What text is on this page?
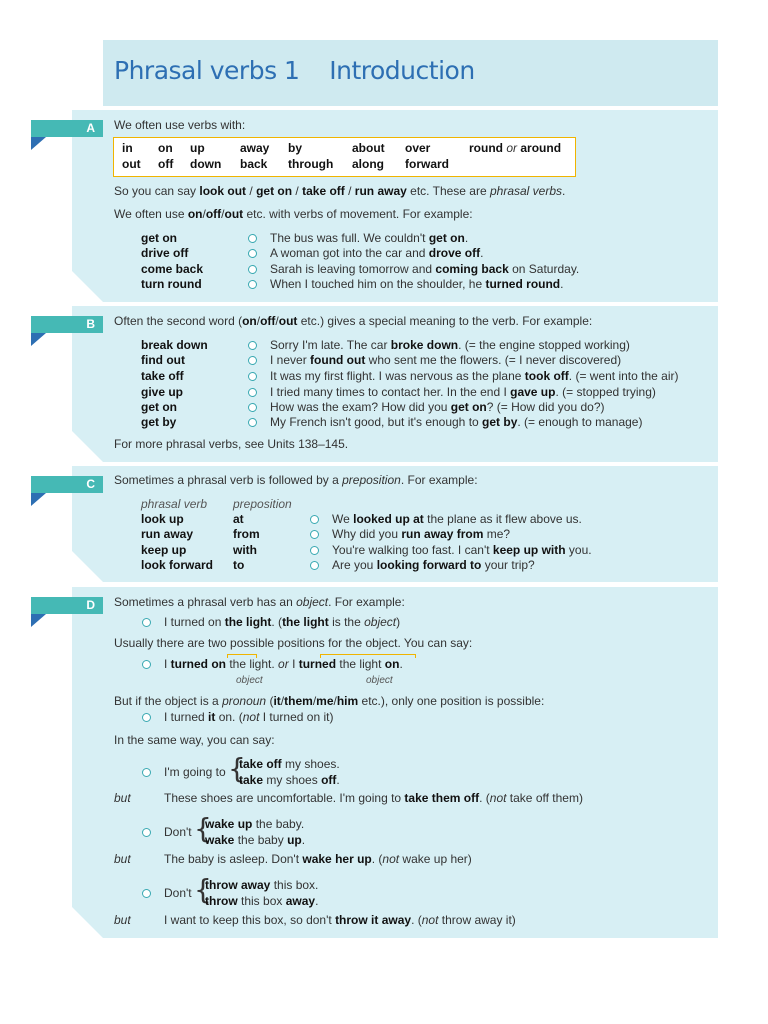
Phrasal verbs 1 Introduction
A We often use verbs with:
in on up	away by	about over	round or around
out off down back through along forward
So you can say look out / get on / take off / run away etc. These are phrasal verbs.
We often use on/off/out etc. with verbs of movement. For example:
get on	The bus was full. We couldn't get on.
drive off	A woman got into the car and drove off.
come back	Sarah is leaving tomorrow and coming back on Saturday.
turn round	When I touched him on the shoulder, he turned round.
B Often the second word (on/off/out etc.) gives a special meaning to the verb. For example:
break down	Sorry I'm late. The car broke down. (= the engine stopped working)
find out	I never found out who sent me the flowers. (= I never discovered)
take off	It was my first flight. I was nervous as the plane took off. (= went into the air)
give up	I tried many times to contact her. In the end I gave up. (= stopped trying)
get on	How was the exam? How did you get on? (= How did you do?)
get by	My French isn't good, but it's enough to get by. (= enough to manage)
For more phrasal verbs, see Units 138–145.
C Sometimes a phrasal verb is followed by a preposition. For example:
phrasal verb preposition
look up	at	We looked up at the plane as it flew above us.
run away	from	Why did you run away from me?
keep up	with	You're walking too fast. I can't keep up with you.
look forward to	Are you looking forward to your trip?
D Sometimes a phrasal verb has an object. For example:
I turned on the light. (the light is the object)
Usually there are two possible positions for the object. You can say:
I turned on the light. or I turned the light on.
object	object
But if the object is a pronoun (it/them/me/him etc.), only one position is possible:
I turned it on. (not I turned on it)
In the same way, you can say:
I'm going to {
take off my shoes.
take my shoes off.
but	These shoes are uncomfortable. I'm going to take them off. (not take off them)
Don't {
wake up the baby.
wake the baby up.
but	The baby is asleep. Don't wake her up. (not wake up her)
Don't {
throw away this box.
throw this box away.
but	I want to keep this box, so don't throw it away. (not throw away it)
